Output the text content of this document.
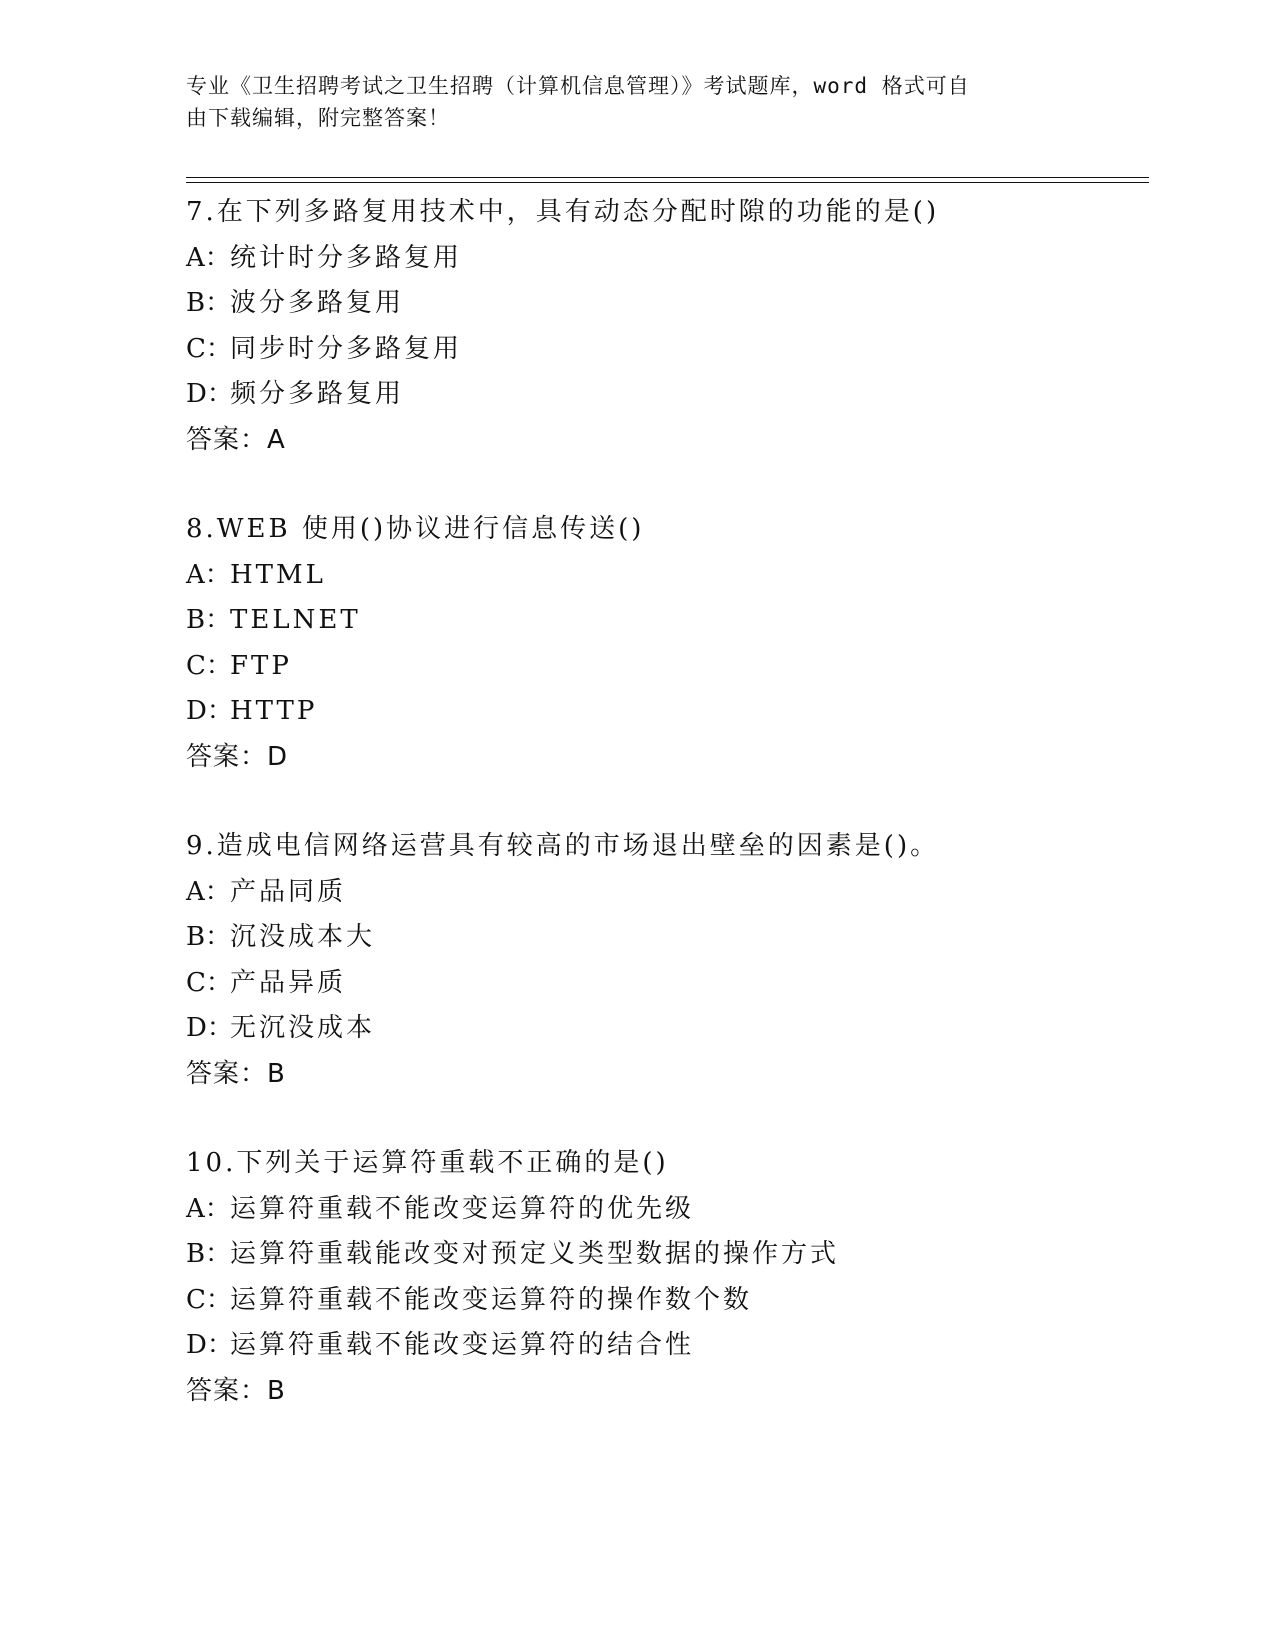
专业《卫生招聘考试之卫生招聘（计算机信息管理）》考试题库，word 格式可自
由下载编辑，附完整答案！
7.在下列多路复用技术中，具有动态分配时隙的功能的是()
A：统计时分多路复用
B：波分多路复用
C：同步时分多路复用
D：频分多路复用
答案：A
8.WEB 使用()协议进行信息传送()
A：HTML
B：TELNET
C：FTP
D：HTTP
答案：D
9.造成电信网络运营具有较高的市场退出壁垒的因素是()。
A：产品同质
B：沉没成本大
C：产品异质
D：无沉没成本
答案：B
10.下列关于运算符重载不正确的是()
A：运算符重载不能改变运算符的优先级
B：运算符重载能改变对预定义类型数据的操作方式
C：运算符重载不能改变运算符的操作数个数
D：运算符重载不能改变运算符的结合性
答案：B
